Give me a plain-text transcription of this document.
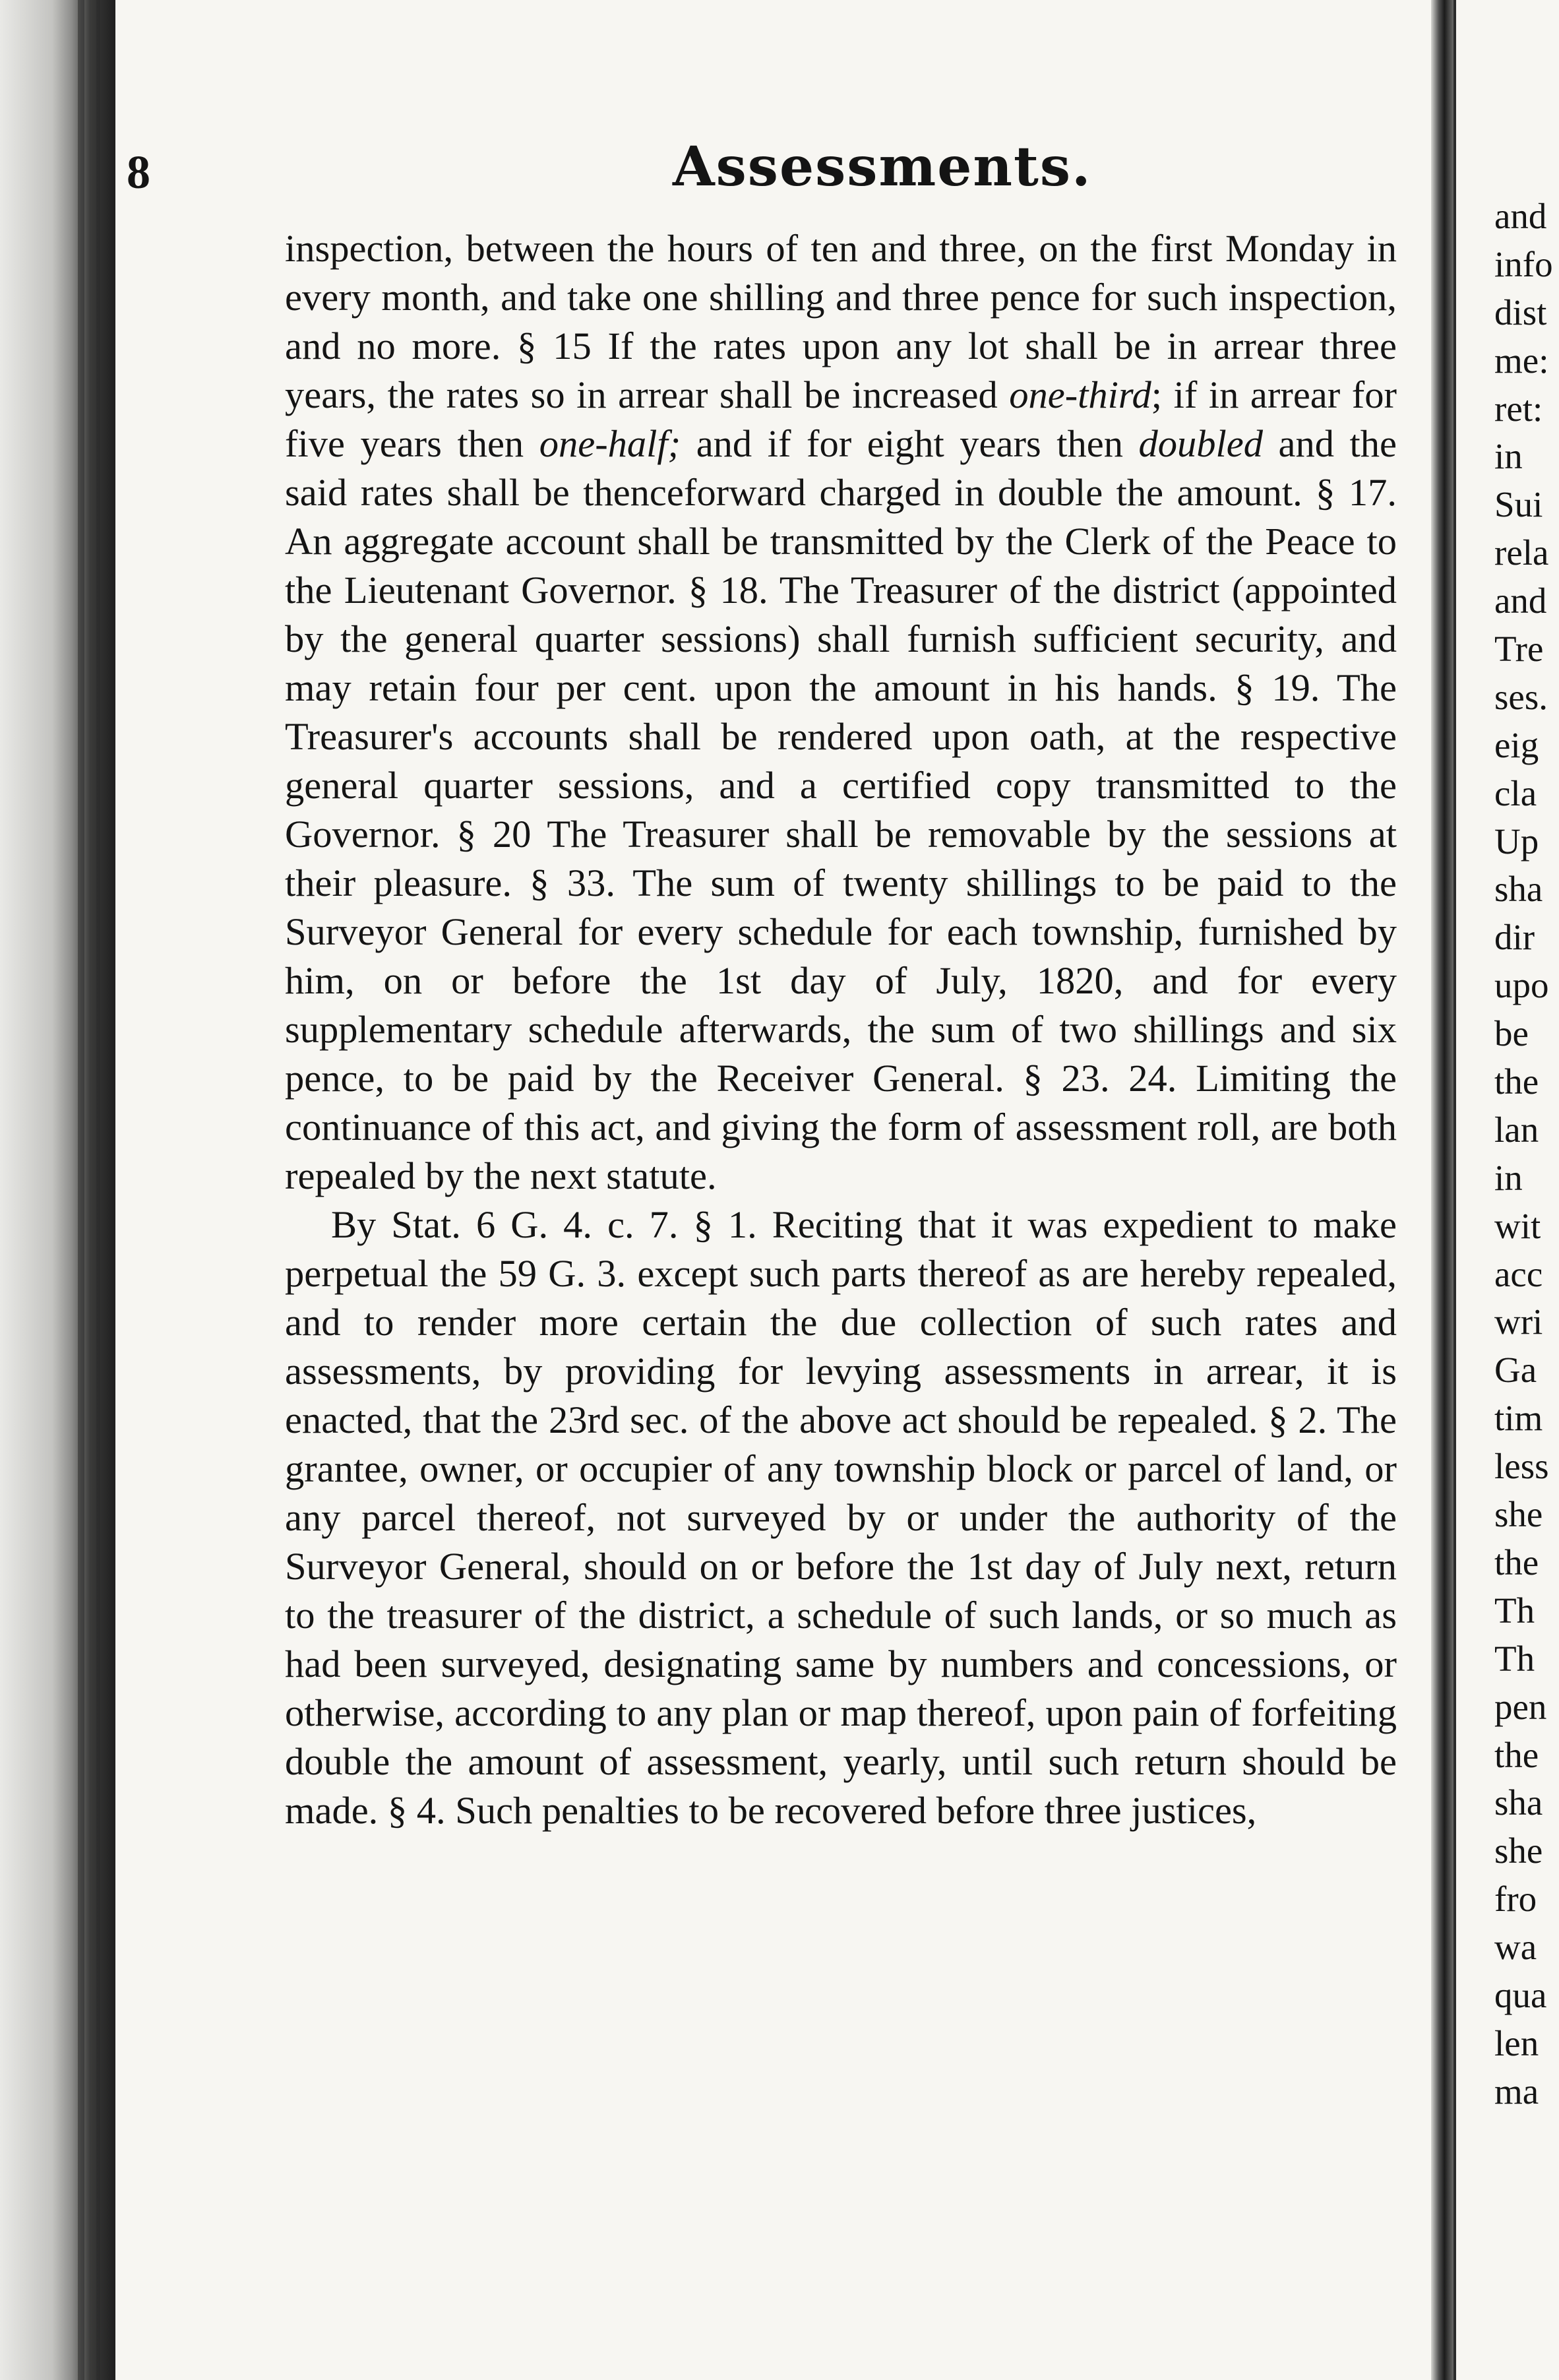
8	Assessments.

inspection, between the hours of ten and three, on the first Monday in every month, and take one shilling and three pence for such inspection, and no more. § 15 If the rates upon any lot shall be in arrear three years, the rates so in arrear shall be increased one-third; if in arrear for five years then one-half; and if for eight years then doubled and the said rates shall be thenceforward charged in double the amount. § 17. An aggregate account shall be transmitted by the Clerk of the Peace to the Lieutenant Governor. § 18. The Treasurer of the district (appointed by the general quarter sessions) shall furnish sufficient security, and may retain four per cent. upon the amount in his hands. § 19. The Treasurer's accounts shall be rendered upon oath, at the respective general quarter sessions, and a certified copy transmitted to the Governor. § 20 The Treasurer shall be removable by the sessions at their pleasure. § 33. The sum of twenty shillings to be paid to the Surveyor General for every schedule for each township, furnished by him, on or before the 1st day of July, 1820, and for every supplementary schedule afterwards, the sum of two shillings and six pence, to be paid by the Receiver General. § 23. 24. Limiting the continuance of this act, and giving the form of assessment roll, are both repealed by the next statute.

By Stat. 6 G. 4. c. 7. § 1. Reciting that it was expedient to make perpetual the 59 G. 3. except such parts thereof as are hereby repealed, and to render more certain the due collection of such rates and assessments, by providing for levying assessments in arrear, it is enacted, that the 23rd sec. of the above act should be repealed. § 2. The grantee, owner, or occupier of any township block or parcel of land, or any parcel thereof, not surveyed by or under the authority of the Surveyor General, should on or before the 1st day of July next, return to the treasurer of the district, a schedule of such lands, or so much as had been surveyed, designating same by numbers and concessions, or otherwise, according to any plan or map thereof, upon pain of forfeiting double the amount of assessment, yearly, until such return should be made. § 4. Such penalties to be recovered before three justices,

and
info
dist
me:
ret:
in
Sui
rela
and
Tre
ses.
eig
cla
Up
sha
dir
upo
be
the
lan
in
wit
acc
wri
Ga
tim
less
she
the
Th
Th
pen
the
sha
she
fro
wa
qua
len
ma
